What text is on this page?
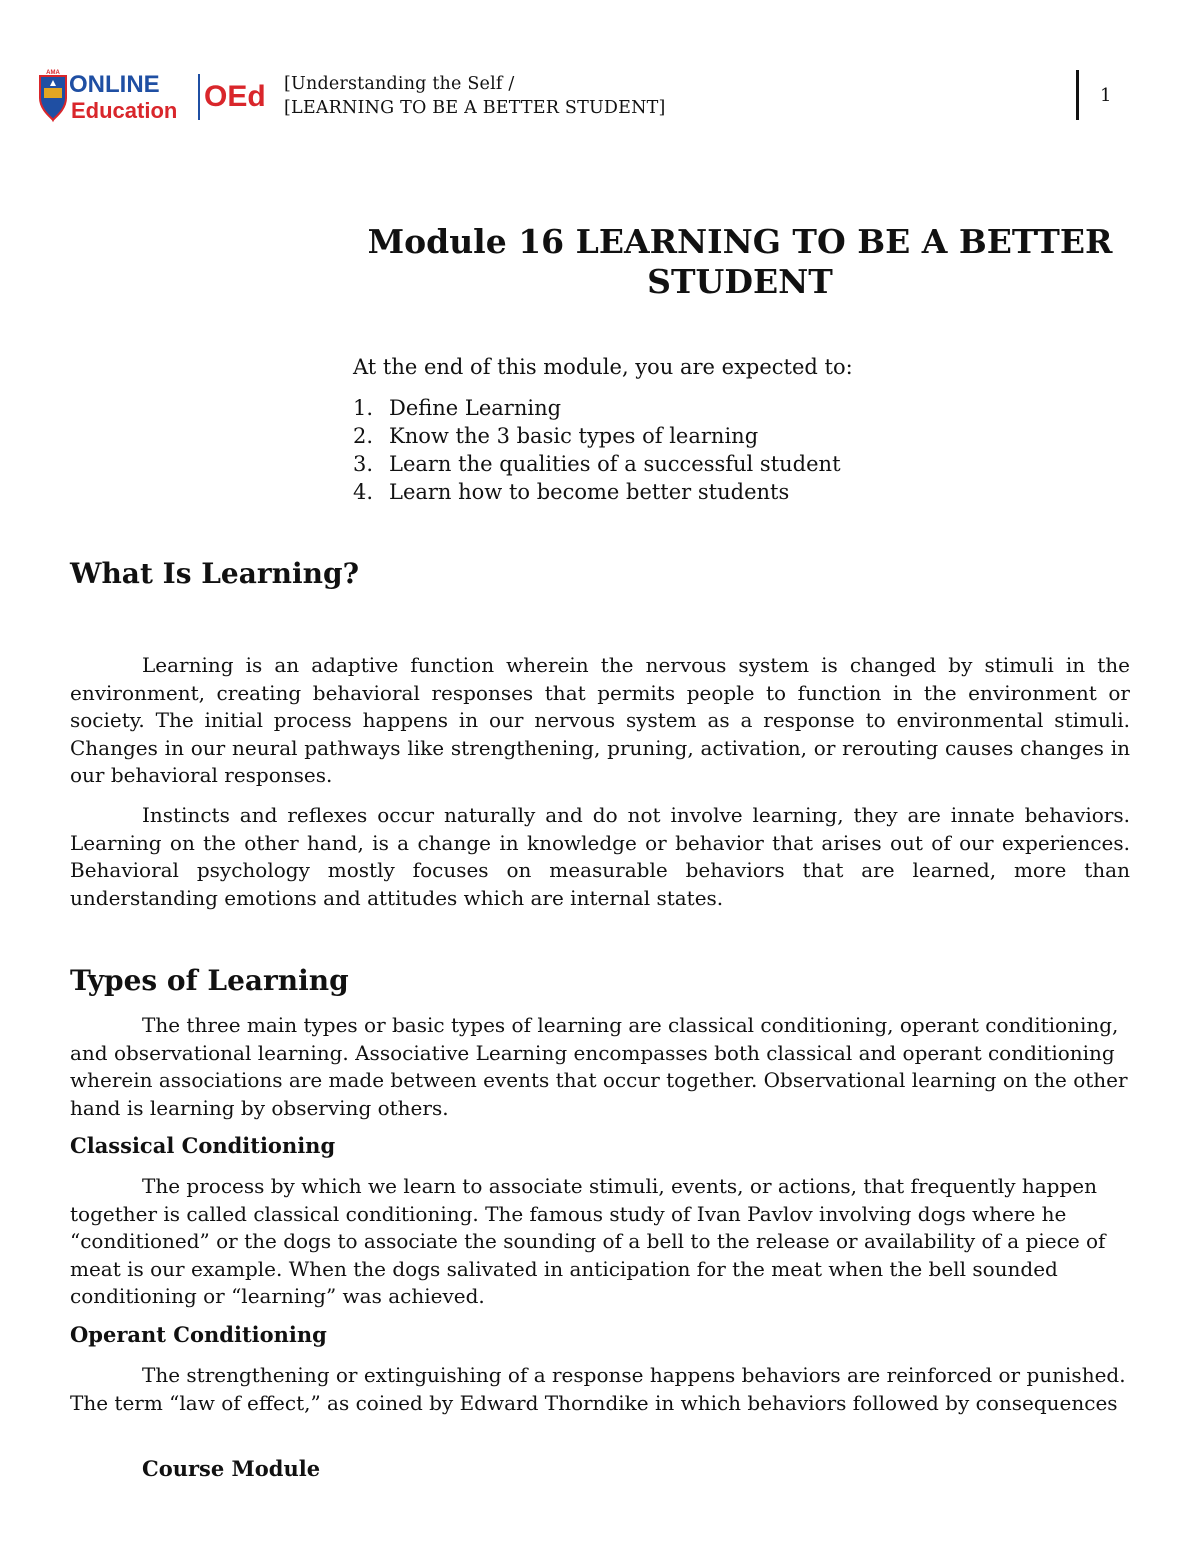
AMA ONLINE
Education OEd [Understanding the Self /
[LEARNING TO BE A BETTER STUDENT]
1
Module 16 LEARNING TO BE A BETTER
STUDENT
At the end of this module, you are expected to:
1. Define Learning
2. Know the 3 basic types of learning
3. Learn the qualities of a successful student
4. Learn how to become better students
What Is Learning?

Learning is an adaptive function wherein the nervous system is changed by stimuli in the environment, creating behavioral responses that permits people to function in the environment or society. The initial process happens in our nervous system as a response to environmental stimuli. Changes in our neural pathways like strengthening, pruning, activation, or rerouting causes changes in our behavioral responses.

Instincts and reflexes occur naturally and do not involve learning, they are innate behaviors. Learning on the other hand, is a change in knowledge or behavior that arises out of our experiences. Behavioral psychology mostly focuses on measurable behaviors that are learned, more than understanding emotions and attitudes which are internal states.

Types of Learning

The three main types or basic types of learning are classical conditioning, operant conditioning, and observational learning. Associative Learning encompasses both classical and operant conditioning wherein associations are made between events that occur together. Observational learning on the other hand is learning by observing others.

Classical Conditioning

The process by which we learn to associate stimuli, events, or actions, that frequently happen together is called classical conditioning. The famous study of Ivan Pavlov involving dogs where he “conditioned” or the dogs to associate the sounding of a bell to the release or availability of a piece of meat is our example. When the dogs salivated in anticipation for the meat when the bell sounded conditioning or “learning” was achieved.

Operant Conditioning

The strengthening or extinguishing of a response happens behaviors are reinforced or punished. The term “law of effect,” as coined by Edward Thorndike in which behaviors followed by consequences

Course Module
